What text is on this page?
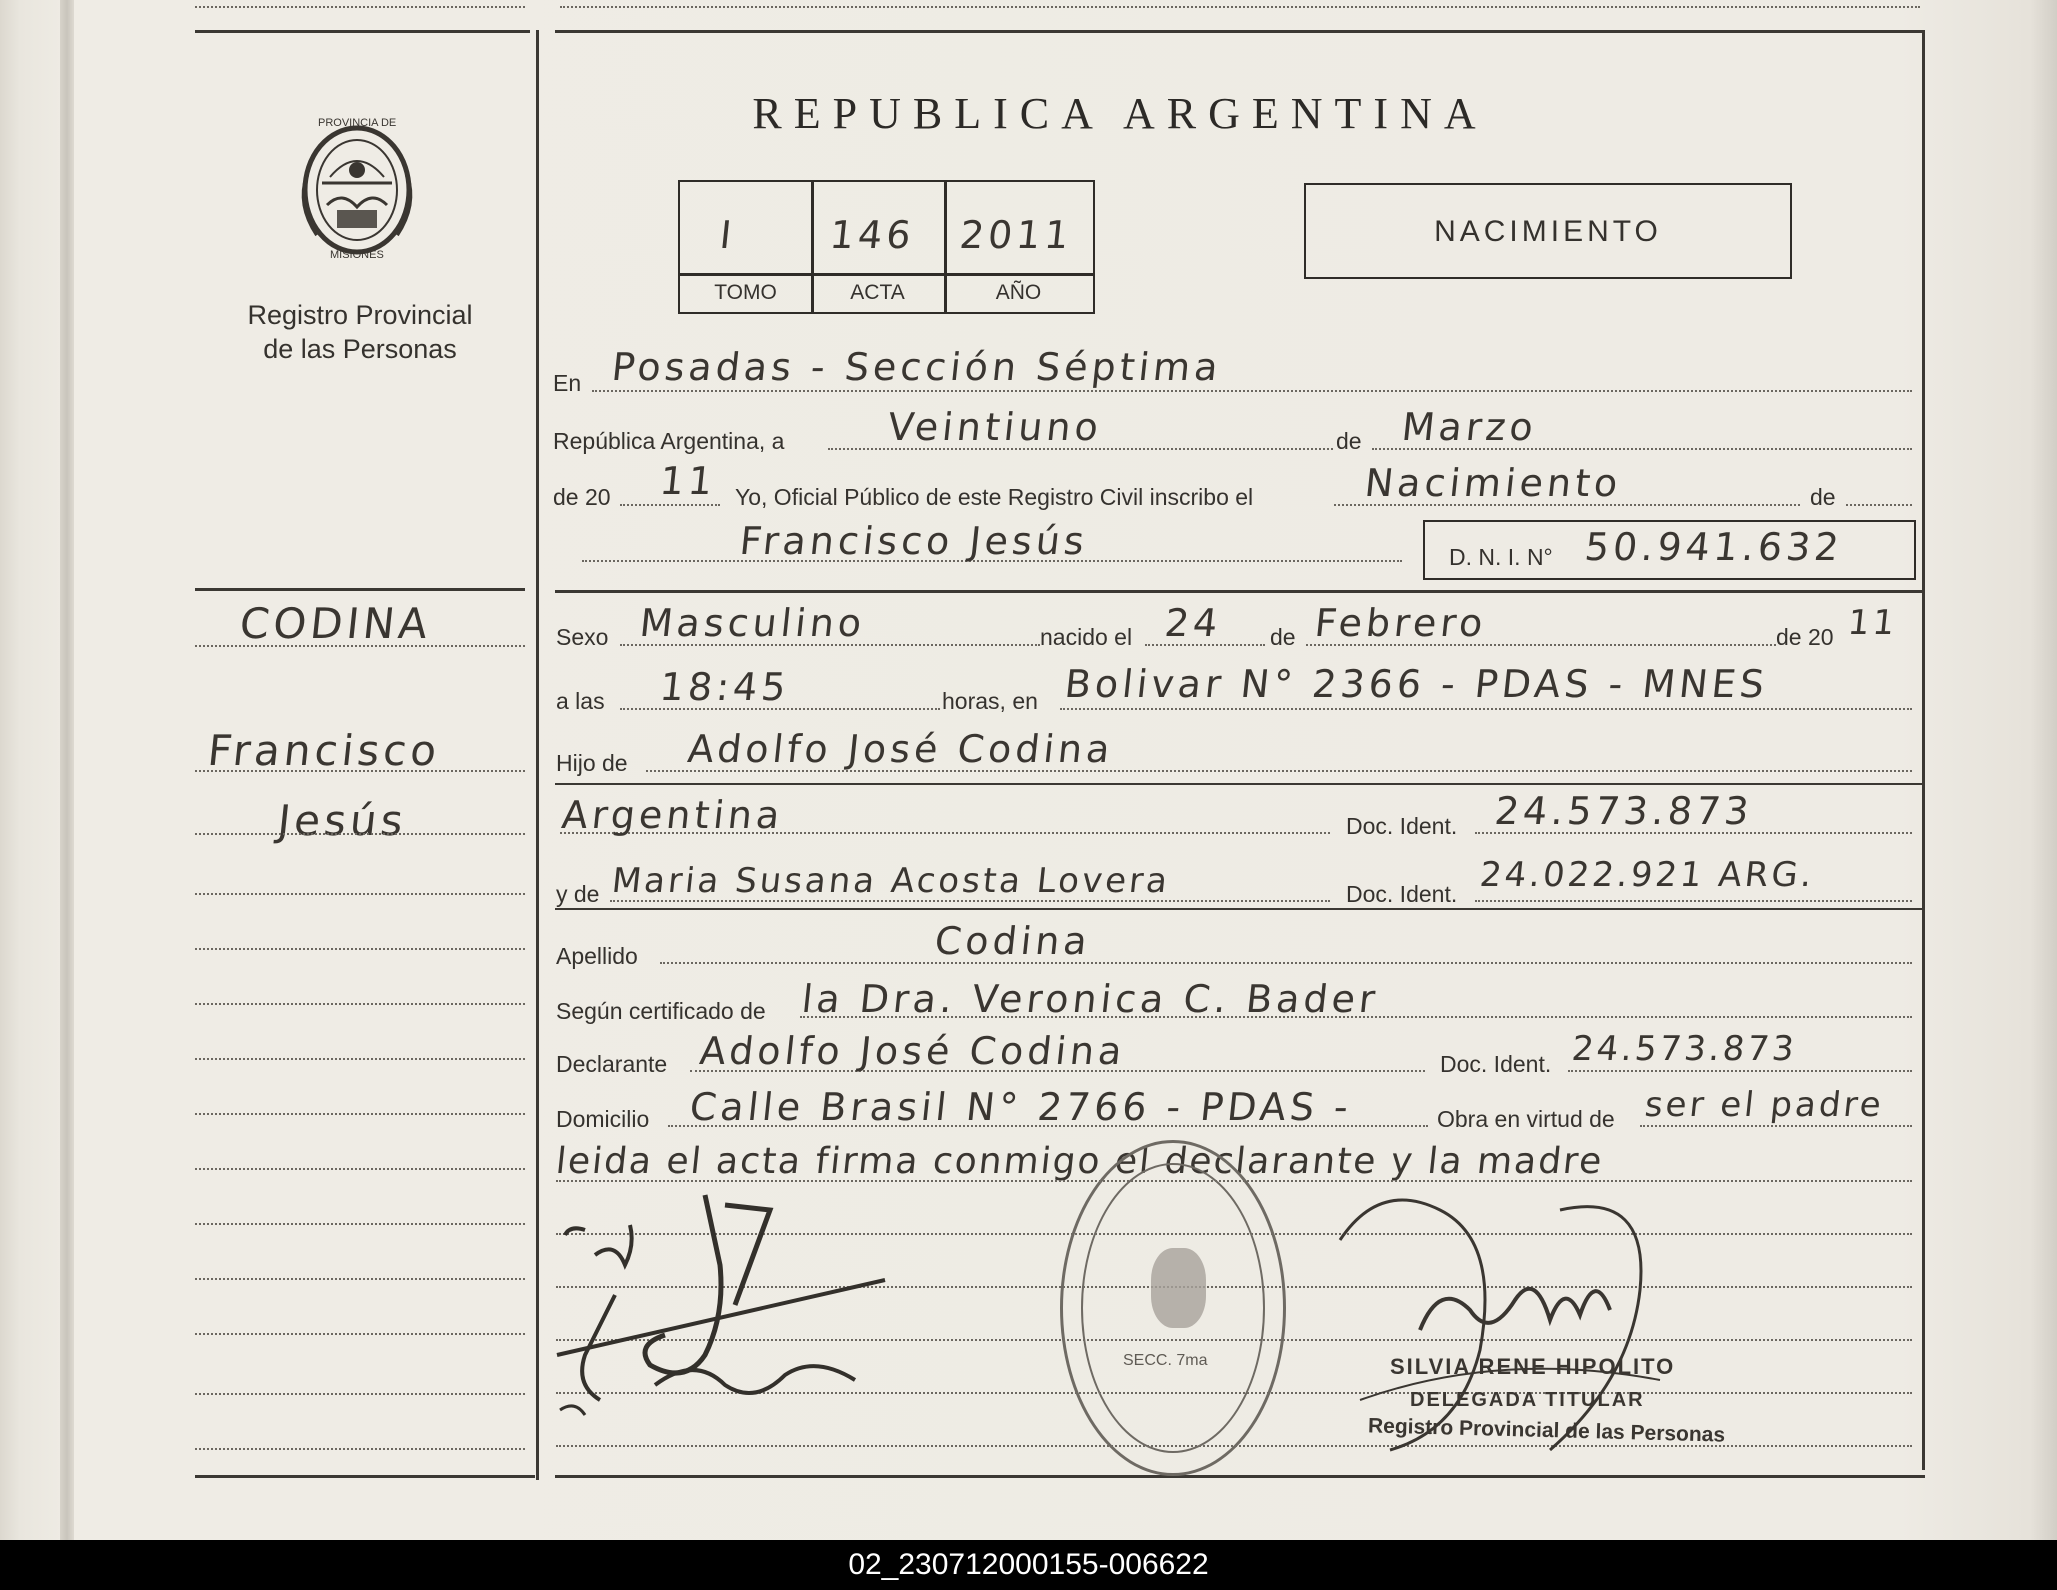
PROVINCIA DE
MISIONES
Registro Provincial
de las Personas
REPUBLICA ARGENTINA
I 146 2011
TOMO	ACTA	AÑO
NACIMIENTO
CODINA
Francisco
Jesús
En Posadas - Sección Séptima
República Argentina, a	Veintiuno	de Marzo
de 20 11 Yo, Oficial Público de este Registro Civil inscribo el	Nacimiento	de
Francisco Jesús	D. N. I. N° 50.941.632
Sexo Masculino	nacido el 24 de Febrero	de 20 11
a las 18:45	horas, en Bolivar N° 2366 - PDAS - MNES
Hijo de Adolfo José Codina
Argentina	Doc. Ident. 24.573.873
y de Maria Susana Acosta Lovera	Doc. Ident. 24.022.921 ARG.
Apellido	Codina
Según certificado de la Dra. Veronica C. Bader
Declarante Adolfo José Codina	Doc. Ident. 24.573.873
Domicilio Calle Brasil N° 2766 - PDAS -	Obra en virtud de ser el padre
leida el acta firma conmigo el declarante y la madre
SECC. 7ma	SILVIA RENE HIPOLITO
DELEGADA TITULAR
Registro Provincial de las Personas
02_230712000155-006622
